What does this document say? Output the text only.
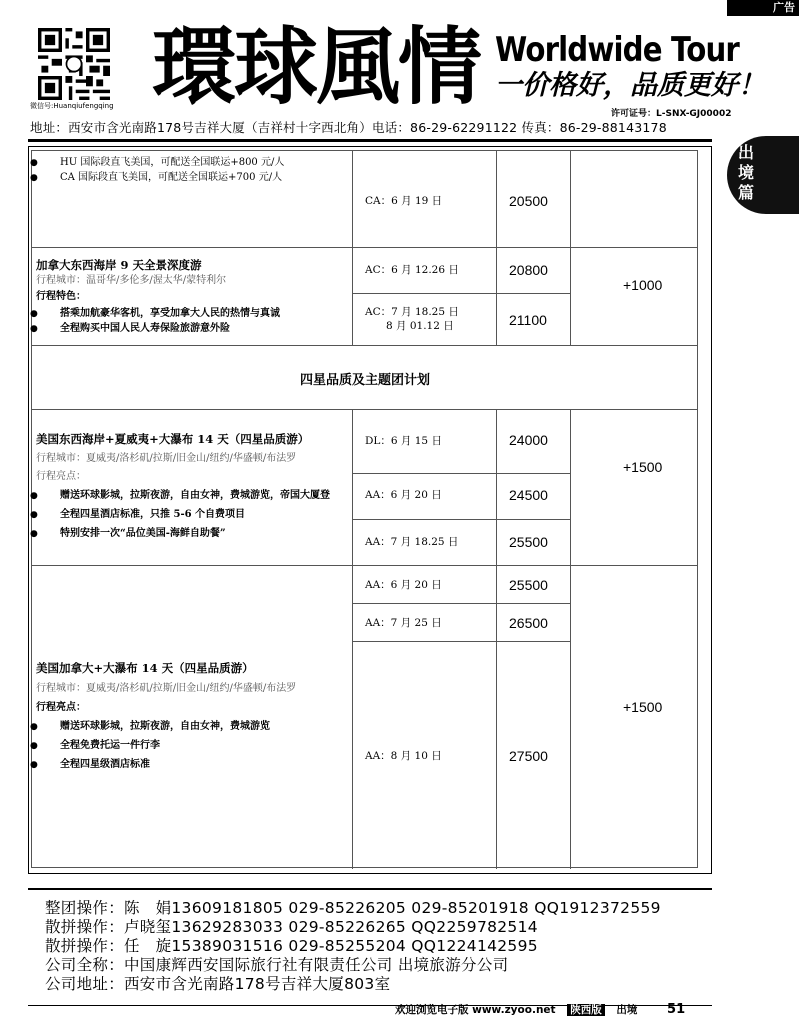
广告
微信号:Huanqiufengqing 環球風情 Worldwide Tour
一价格好，品质更好！
许可证号：L-SNX-GJ00002
地址：西安市含光南路178号吉祥大厦（吉祥村十字西北角）电话：86-29-62291122 传真：86-29-88143178
出
境
篇
● HU 国际段直飞美国，可配送全国联运+800 元/人
● CA 国际段直飞美国，可配送全国联运+700 元/人
CA：6 月 19 日	20500
加拿大东西海岸 9 天全景深度游
行程城市：温哥华/多伦多/渥太华/蒙特利尔
行程特色：
● 搭乘加航豪华客机，享受加拿大人民的热情与真诚
● 全程购买中国人民人寿保险旅游意外险
AC：6 月 12.26 日
AC：7 月 18.25 日
8 月 01.12 日
20800
21100
+1000
四星品质及主题团计划
美国东西海岸+夏威夷+大瀑布 14 天（四星品质游）
行程城市：夏威夷/洛杉矶/拉斯/旧金山/纽约/华盛顿/布法罗
行程亮点：
● 赠送环球影城，拉斯夜游，自由女神，费城游览，帝国大厦登
● 全程四星酒店标准，只推 5-6 个自费项目
● 特别安排一次“品位美国-海鲜自助餐”
DL：6 月 15 日
AA：6 月 20 日
AA：7 月 18.25 日
24000
24500
25500
+1500
美国加拿大+大瀑布 14 天（四星品质游）
行程城市：夏威夷/洛杉矶/拉斯/旧金山/纽约/华盛顿/布法罗
行程亮点：
● 赠送环球影城，拉斯夜游，自由女神，费城游览
● 全程免费托运一件行李
● 全程四星级酒店标准
AA：6 月 20 日
AA：7 月 25 日
AA：8 月 10 日
25500
26500
27500
+1500
整团操作：陈　娟13609181805 029-85226205 029-85201918 QQ1912372559
散拼操作：卢晓玺13629283033 029-85226265 QQ2259782514
散拼操作：任　旋15389031516 029-85255204 QQ1224142595
公司全称：中国康辉西安国际旅行社有限责任公司 出境旅游分公司
公司地址：西安市含光南路178号吉祥大厦803室
欢迎浏览电子版 www.zyoo.net 陕西版 出境 51
